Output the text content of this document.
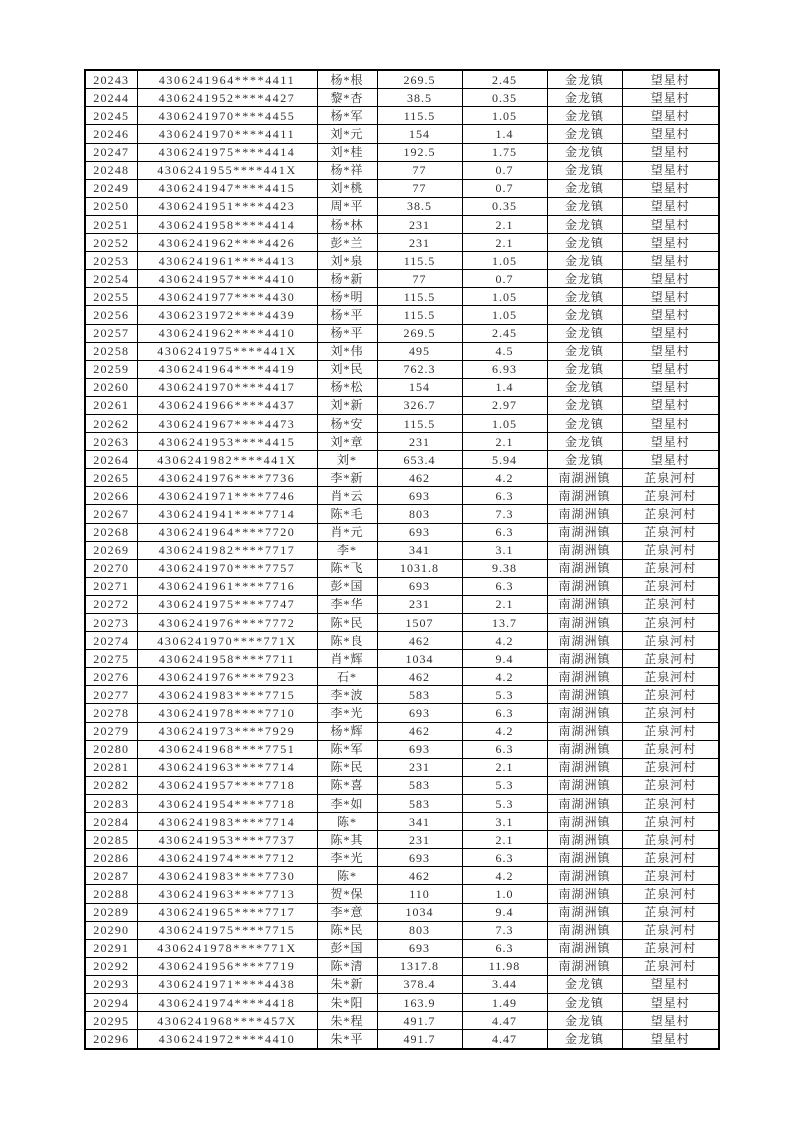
20243	4306241964****4411	杨*根	269.5	2.45	金龙镇	望星村
20244	4306241952****4427	黎*杏	38.5	0.35	金龙镇	望星村
20245	4306241970****4455	杨*军	115.5	1.05	金龙镇	望星村
20246	4306241970****4411	刘*元	154	1.4	金龙镇	望星村
20247	4306241975****4414	刘*桂	192.5	1.75	金龙镇	望星村
20248	4306241955****441X	杨*祥	77	0.7	金龙镇	望星村
20249	4306241947****4415	刘*桃	77	0.7	金龙镇	望星村
20250	4306241951****4423	周*平	38.5	0.35	金龙镇	望星村
20251	4306241958****4414	杨*林	231	2.1	金龙镇	望星村
20252	4306241962****4426	彭*兰	231	2.1	金龙镇	望星村
20253	4306241961****4413	刘*泉	115.5	1.05	金龙镇	望星村
20254	4306241957****4410	杨*新	77	0.7	金龙镇	望星村
20255	4306241977****4430	杨*明	115.5	1.05	金龙镇	望星村
20256	4306231972****4439	杨*平	115.5	1.05	金龙镇	望星村
20257	4306241962****4410	杨*平	269.5	2.45	金龙镇	望星村
20258	4306241975****441X	刘*伟	495	4.5	金龙镇	望星村
20259	4306241964****4419	刘*民	762.3	6.93	金龙镇	望星村
20260	4306241970****4417	杨*松	154	1.4	金龙镇	望星村
20261	4306241966****4437	刘*新	326.7	2.97	金龙镇	望星村
20262	4306241967****4473	杨*安	115.5	1.05	金龙镇	望星村
20263	4306241953****4415	刘*章	231	2.1	金龙镇	望星村
20264	4306241982****441X	刘*	653.4	5.94	金龙镇	望星村
20265	4306241976****7736	李*新	462	4.2	南湖洲镇	芷泉河村
20266	4306241971****7746	肖*云	693	6.3	南湖洲镇	芷泉河村
20267	4306241941****7714	陈*毛	803	7.3	南湖洲镇	芷泉河村
20268	4306241964****7720	肖*元	693	6.3	南湖洲镇	芷泉河村
20269	4306241982****7717	李*	341	3.1	南湖洲镇	芷泉河村
20270	4306241970****7757	陈*飞	1031.8	9.38	南湖洲镇	芷泉河村
20271	4306241961****7716	彭*国	693	6.3	南湖洲镇	芷泉河村
20272	4306241975****7747	李*华	231	2.1	南湖洲镇	芷泉河村
20273	4306241976****7772	陈*民	1507	13.7	南湖洲镇	芷泉河村
20274	4306241970****771X	陈*良	462	4.2	南湖洲镇	芷泉河村
20275	4306241958****7711	肖*辉	1034	9.4	南湖洲镇	芷泉河村
20276	4306241976****7923	石*	462	4.2	南湖洲镇	芷泉河村
20277	4306241983****7715	李*波	583	5.3	南湖洲镇	芷泉河村
20278	4306241978****7710	李*光	693	6.3	南湖洲镇	芷泉河村
20279	4306241973****7929	杨*辉	462	4.2	南湖洲镇	芷泉河村
20280	4306241968****7751	陈*军	693	6.3	南湖洲镇	芷泉河村
20281	4306241963****7714	陈*民	231	2.1	南湖洲镇	芷泉河村
20282	4306241957****7718	陈*喜	583	5.3	南湖洲镇	芷泉河村
20283	4306241954****7718	李*如	583	5.3	南湖洲镇	芷泉河村
20284	4306241983****7714	陈*	341	3.1	南湖洲镇	芷泉河村
20285	4306241953****7737	陈*其	231	2.1	南湖洲镇	芷泉河村
20286	4306241974****7712	李*光	693	6.3	南湖洲镇	芷泉河村
20287	4306241983****7730	陈*	462	4.2	南湖洲镇	芷泉河村
20288	4306241963****7713	贺*保	110	1.0	南湖洲镇	芷泉河村
20289	4306241965****7717	李*意	1034	9.4	南湖洲镇	芷泉河村
20290	4306241975****7715	陈*民	803	7.3	南湖洲镇	芷泉河村
20291	4306241978****771X	彭*国	693	6.3	南湖洲镇	芷泉河村
20292	4306241956****7719	陈*清	1317.8	11.98	南湖洲镇	芷泉河村
20293	4306241971****4438	朱*新	378.4	3.44	金龙镇	望星村
20294	4306241974****4418	朱*阳	163.9	1.49	金龙镇	望星村
20295	4306241968****457X	朱*程	491.7	4.47	金龙镇	望星村
20296	4306241972****4410	朱*平	491.7	4.47	金龙镇	望星村
